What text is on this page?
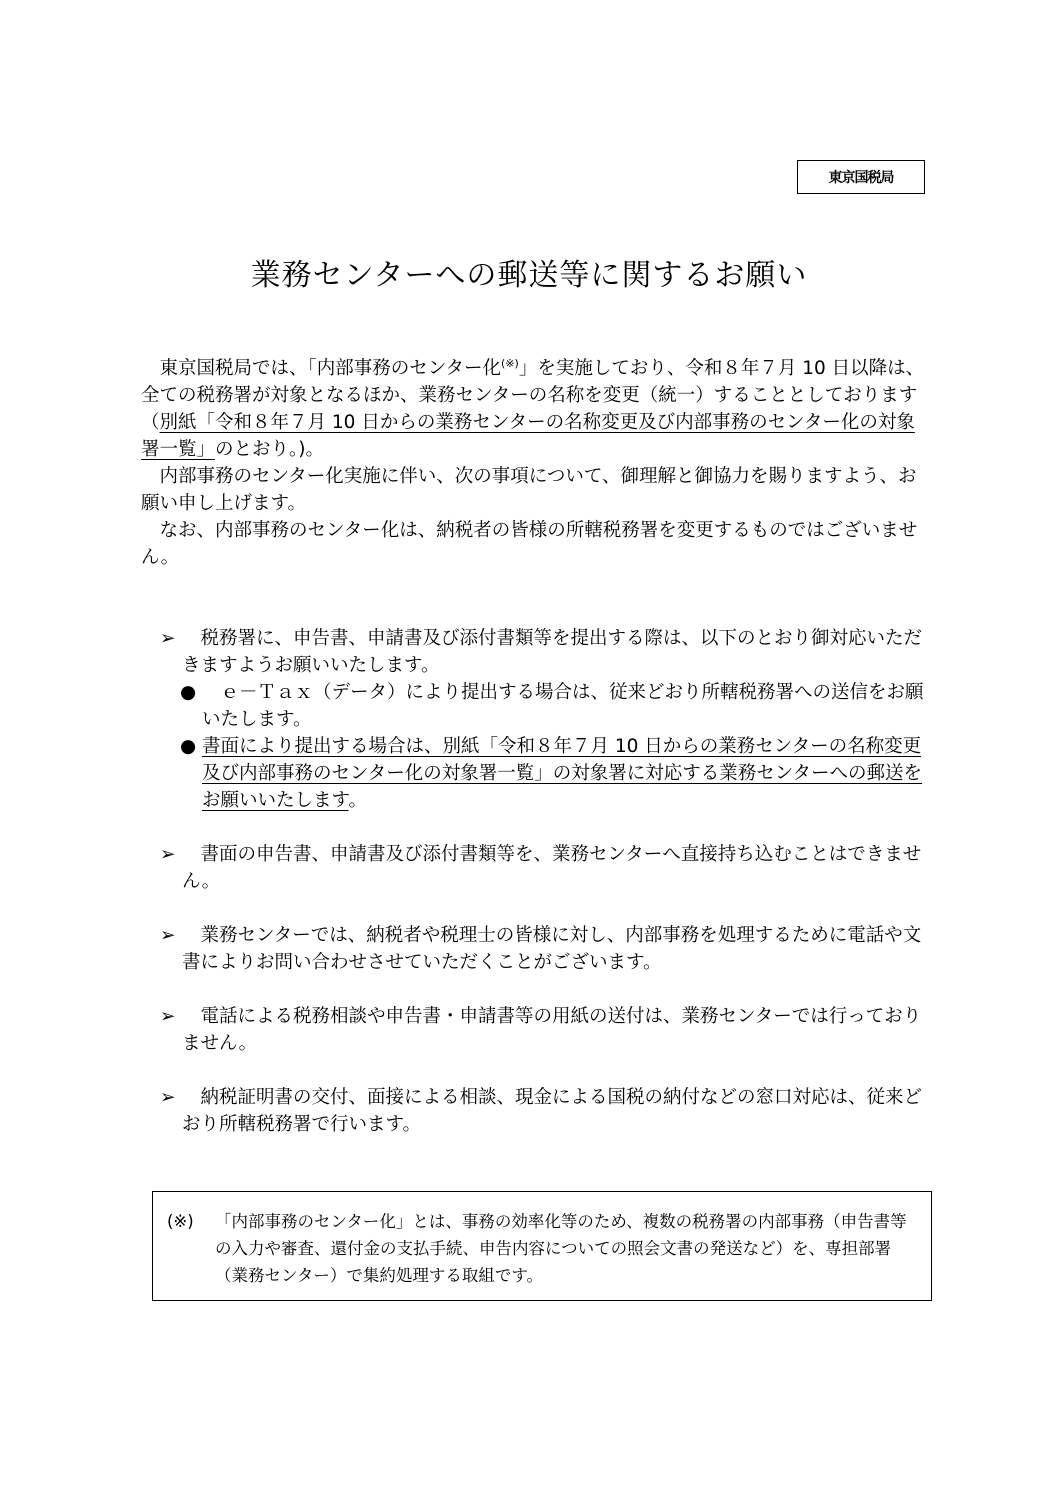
東京国税局
業務センターへの郵送等に関するお願い

東京国税局では、「内部事務のセンター化(※)」を実施しており、令和８年７月 10 日以降は、全ての税務署が対象となるほか、業務センターの名称を変更（統一）することとしております（別紙「令和８年７月 10 日からの業務センターの名称変更及び内部事務のセンター化の対象署一覧」のとおり。)。

内部事務のセンター化実施に伴い、次の事項について、御理解と御協力を賜りますよう、お願い申し上げます。

なお、内部事務のセンター化は、納税者の皆様の所轄税務署を変更するものではございません。

➢	税務署に、申告書、申請書及び添付書類等を提出する際は、以下のとおり御対応いただきますようお願いいたします。
●	ｅ－Ｔａｘ（データ）により提出する場合は、従来どおり所轄税務署への送信をお願いたします。
● 書面により提出する場合は、別紙「令和８年７月 10 日からの業務センターの名称変更及び内部事務のセンター化の対象署一覧」の対象署に対応する業務センターへの郵送をお願いいたします。
➢	書面の申告書、申請書及び添付書類等を、業務センターへ直接持ち込むことはできません。
➢	業務センターでは、納税者や税理士の皆様に対し、内部事務を処理するために電話や文書によりお問い合わせさせていただくことがございます。
➢	電話による税務相談や申告書・申請書等の用紙の送付は、業務センターでは行っておりません。
➢	納税証明書の交付、面接による相談、現金による国税の納付などの窓口対応は、従来どおり所轄税務署で行います。
(※)	「内部事務のセンター化」とは、事務の効率化等のため、複数の税務署の内部事務（申告書等の入力や審査、還付金の支払手続、申告内容についての照会文書の発送など）を、専担部署（業務センター）で集約処理する取組です。
